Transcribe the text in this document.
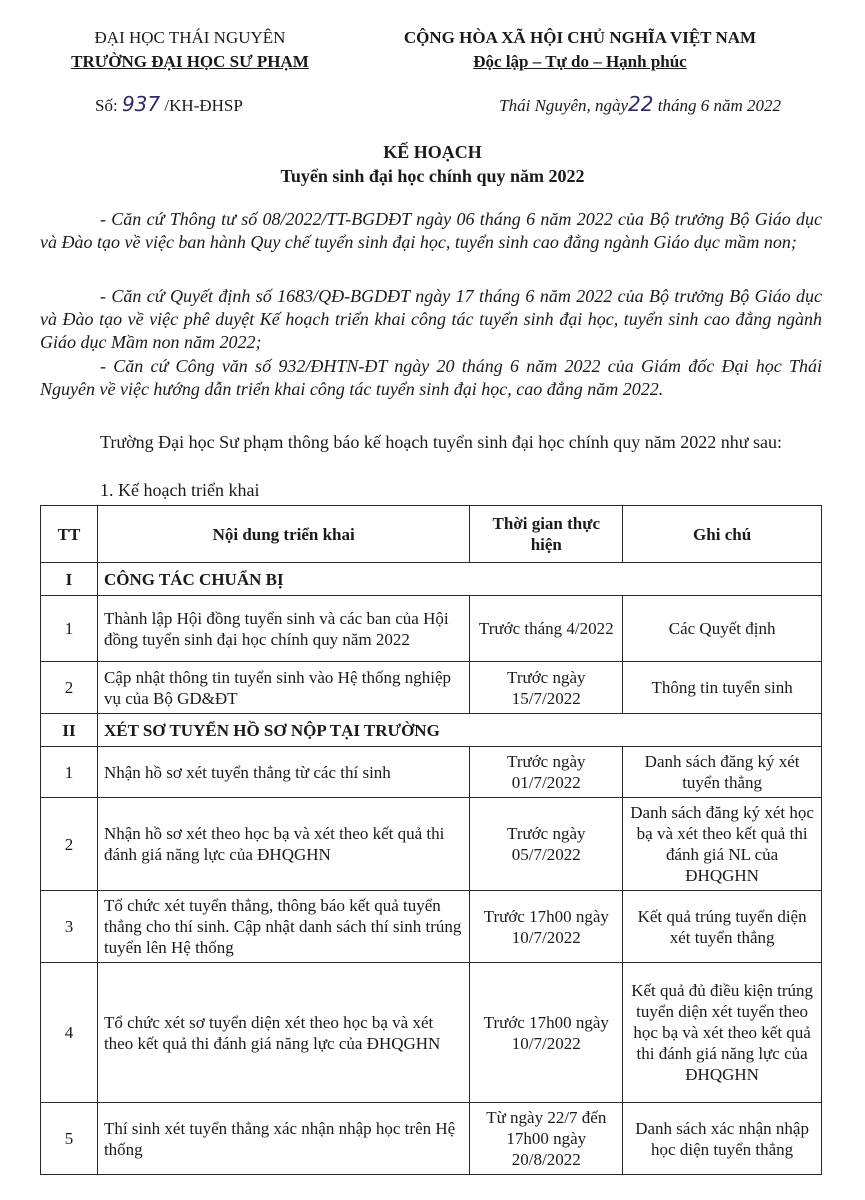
ĐẠI HỌC THÁI NGUYÊN
TRƯỜNG ĐẠI HỌC SƯ PHẠM
CỘNG HÒA XÃ HỘI CHỦ NGHĨA VIỆT NAM
Độc lập – Tự do – Hạnh phúc
Số: 937 /KH-ĐHSP	Thái Nguyên, ngày22 tháng 6 năm 2022
KẾ HOẠCH
Tuyển sinh đại học chính quy năm 2022
- Căn cứ Thông tư số 08/2022/TT-BGDĐT ngày 06 tháng 6 năm 2022 của Bộ trưởng Bộ Giáo dục và Đào tạo về việc ban hành Quy chế tuyển sinh đại học, tuyển sinh cao đẳng ngành Giáo dục mầm non;
- Căn cứ Quyết định số 1683/QĐ-BGDĐT ngày 17 tháng 6 năm 2022 của Bộ trưởng Bộ Giáo dục và Đào tạo về việc phê duyệt Kế hoạch triển khai công tác tuyển sinh đại học, tuyển sinh cao đẳng ngành Giáo dục Mầm non năm 2022;
- Căn cứ Công văn số 932/ĐHTN-ĐT ngày 20 tháng 6 năm 2022 của Giám đốc Đại học Thái Nguyên về việc hướng dẫn triển khai công tác tuyển sinh đại học, cao đẳng năm 2022.
Trường Đại học Sư phạm thông báo kế hoạch tuyển sinh đại học chính quy năm 2022 như sau:
1. Kế hoạch triển khai
TT	Nội dung triển khai	Thời gian thực hiện	Ghi chú
I	CÔNG TÁC CHUẨN BỊ		
1	Thành lập Hội đồng tuyển sinh và các ban của Hội đồng tuyển sinh đại học chính quy năm 2022	Trước tháng 4/2022	Các Quyết định
2	Cập nhật thông tin tuyển sinh vào Hệ thống nghiệp vụ của Bộ GD&ĐT	Trước ngày 15/7/2022	Thông tin tuyển sinh
II	XÉT SƠ TUYỂN HỒ SƠ NỘP TẠI TRƯỜNG		
1	Nhận hồ sơ xét tuyển thẳng từ các thí sinh	Trước ngày 01/7/2022	Danh sách đăng ký xét tuyển thẳng
2	Nhận hồ sơ xét theo học bạ và xét theo kết quả thi đánh giá năng lực của ĐHQGHN	Trước ngày 05/7/2022	Danh sách đăng ký xét học bạ và xét theo kết quả thi đánh giá NL của ĐHQGHN
3	Tổ chức xét tuyển thẳng, thông báo kết quả tuyển thẳng cho thí sinh. Cập nhật danh sách thí sinh trúng tuyển lên Hệ thống	Trước 17h00 ngày 10/7/2022	Kết quả trúng tuyển diện xét tuyển thẳng
4	Tổ chức xét sơ tuyển diện xét theo học bạ và xét theo kết quả thi đánh giá năng lực của ĐHQGHN	Trước 17h00 ngày 10/7/2022	Kết quả đủ điều kiện trúng tuyển diện xét tuyển theo học bạ và xét theo kết quả thi đánh giá năng lực của ĐHQGHN
5	Thí sinh xét tuyển thẳng xác nhận nhập học trên Hệ thống	Từ ngày 22/7 đến 17h00 ngày 20/8/2022	Danh sách xác nhận nhập học diện tuyển thẳng
